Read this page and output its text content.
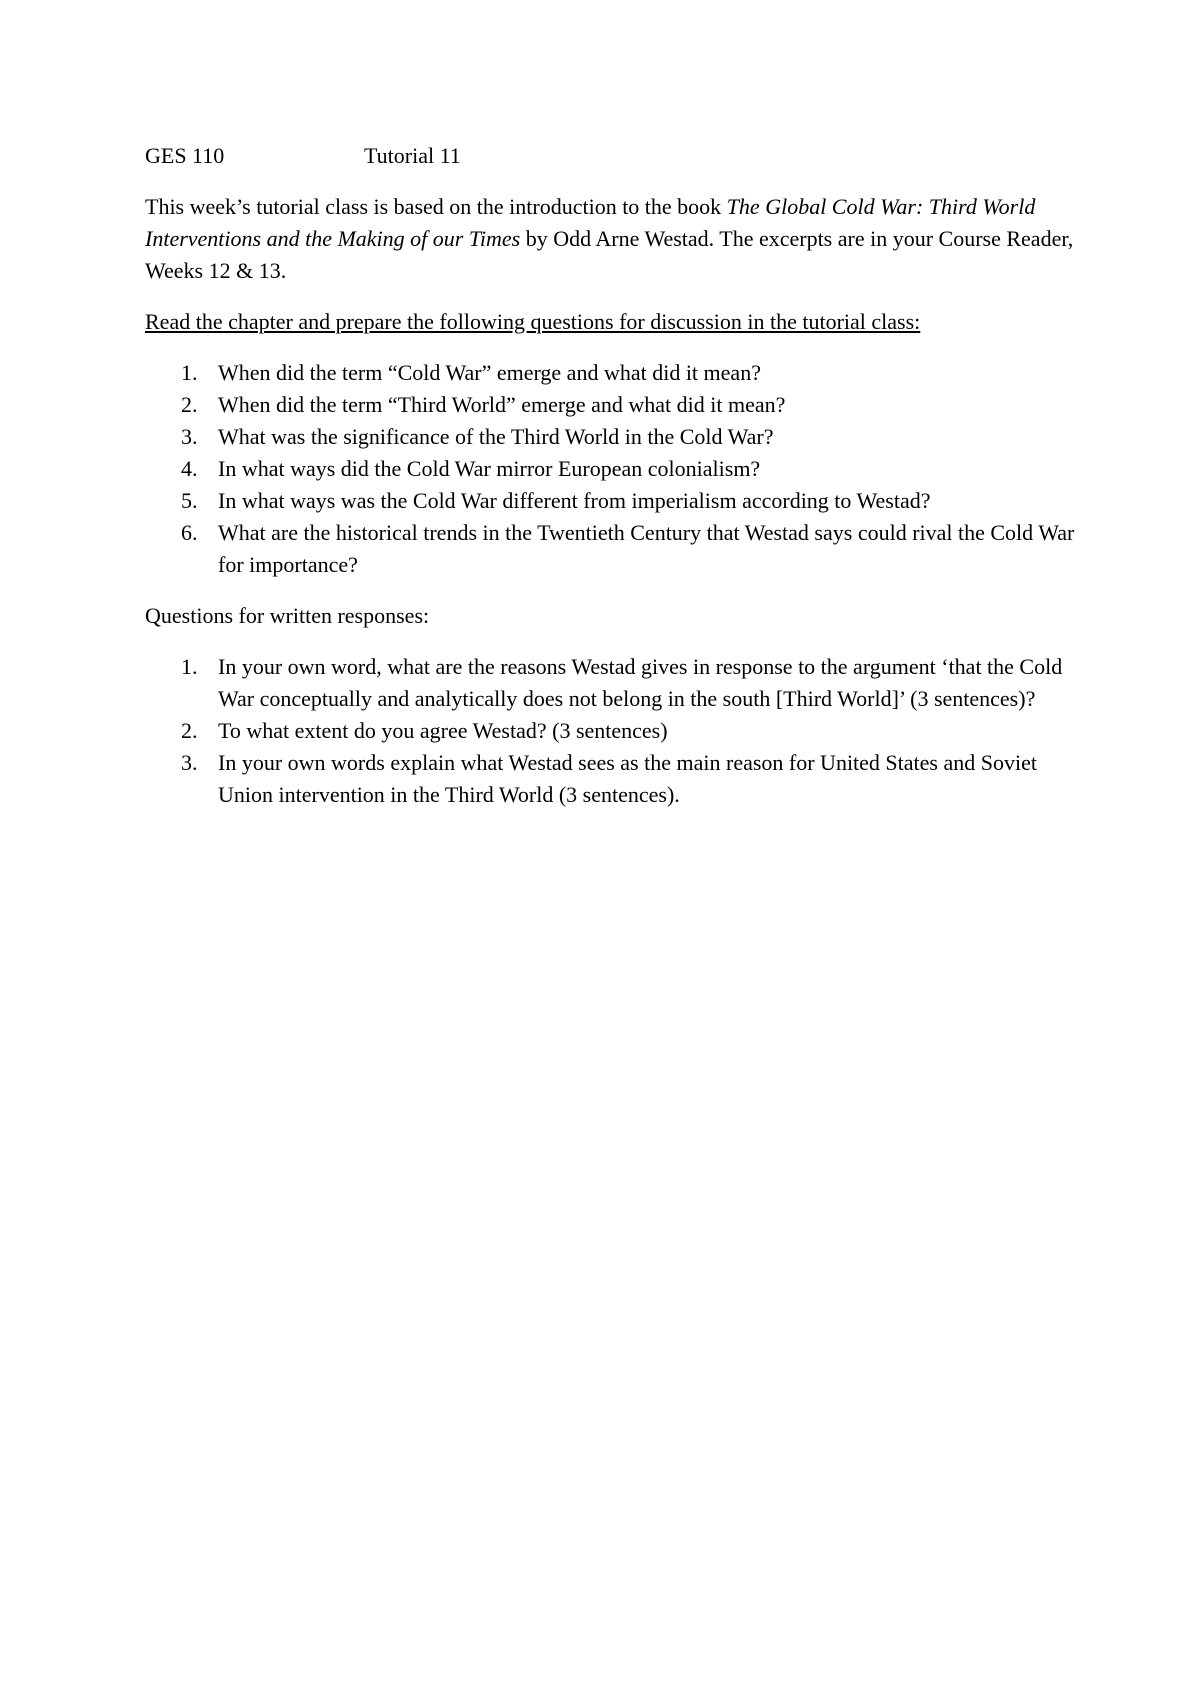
GES 110	Tutorial 11

This week’s tutorial class is based on the introduction to the book The Global Cold War: Third World Interventions and the Making of our Times by Odd Arne Westad. The excerpts are in your Course Reader, Weeks 12 & 13.

Read the chapter and prepare the following questions for discussion in the tutorial class:

1. When did the term “Cold War” emerge and what did it mean?
2. When did the term “Third World” emerge and what did it mean?
3. What was the significance of the Third World in the Cold War?
4. In what ways did the Cold War mirror European colonialism?
5. In what ways was the Cold War different from imperialism according to Westad?
6. What are the historical trends in the Twentieth Century that Westad says could rival the Cold War for importance?

Questions for written responses:

1. In your own word, what are the reasons Westad gives in response to the argument ‘that the Cold War conceptually and analytically does not belong in the south [Third World]’ (3 sentences)?
2. To what extent do you agree Westad? (3 sentences)
3. In your own words explain what Westad sees as the main reason for United States and Soviet Union intervention in the Third World (3 sentences).
